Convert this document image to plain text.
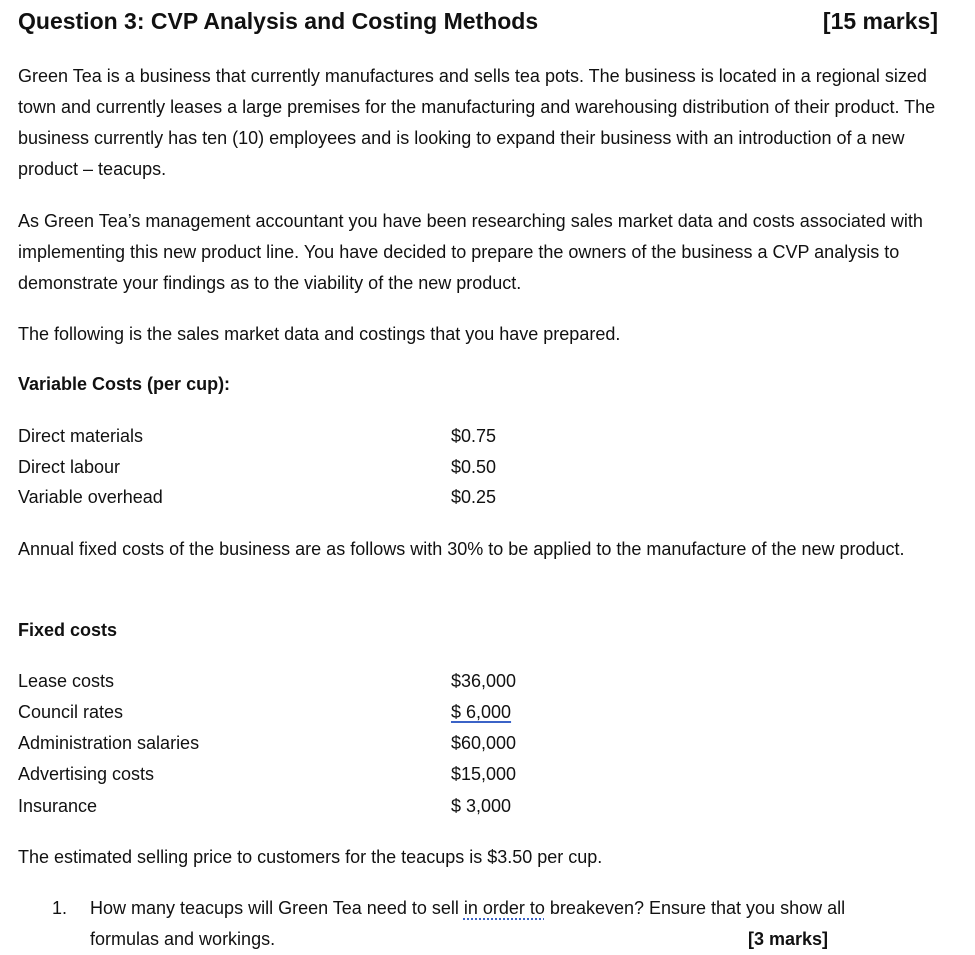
Question 3: CVP Analysis and Costing Methods	[15 marks]

Green Tea is a business that currently manufactures and sells tea pots. The business is located in a regional sized town and currently leases a large premises for the manufacturing and warehousing distribution of their product. The business currently has ten (10) employees and is looking to expand their business with an introduction of a new product – teacups.

As Green Tea’s management accountant you have been researching sales market data and costs associated with implementing this new product line. You have decided to prepare the owners of the business a CVP analysis to demonstrate your findings as to the viability of the new product.

The following is the sales market data and costings that you have prepared.

Variable Costs (per cup):
Direct materials	$0.75
Direct labour	$0.50
Variable overhead	$0.25

Annual fixed costs of the business are as follows with 30% to be applied to the manufacture of the new product.

Fixed costs
Lease costs	$36,000
Council rates	$ 6,000
Administration salaries	$60,000
Advertising costs	$15,000
Insurance	$ 3,000

The estimated selling price to customers for the teacups is $3.50 per cup.

1. How many teacups will Green Tea need to sell in order to breakeven? Ensure that you show all
formulas and workings.	[3 marks]
